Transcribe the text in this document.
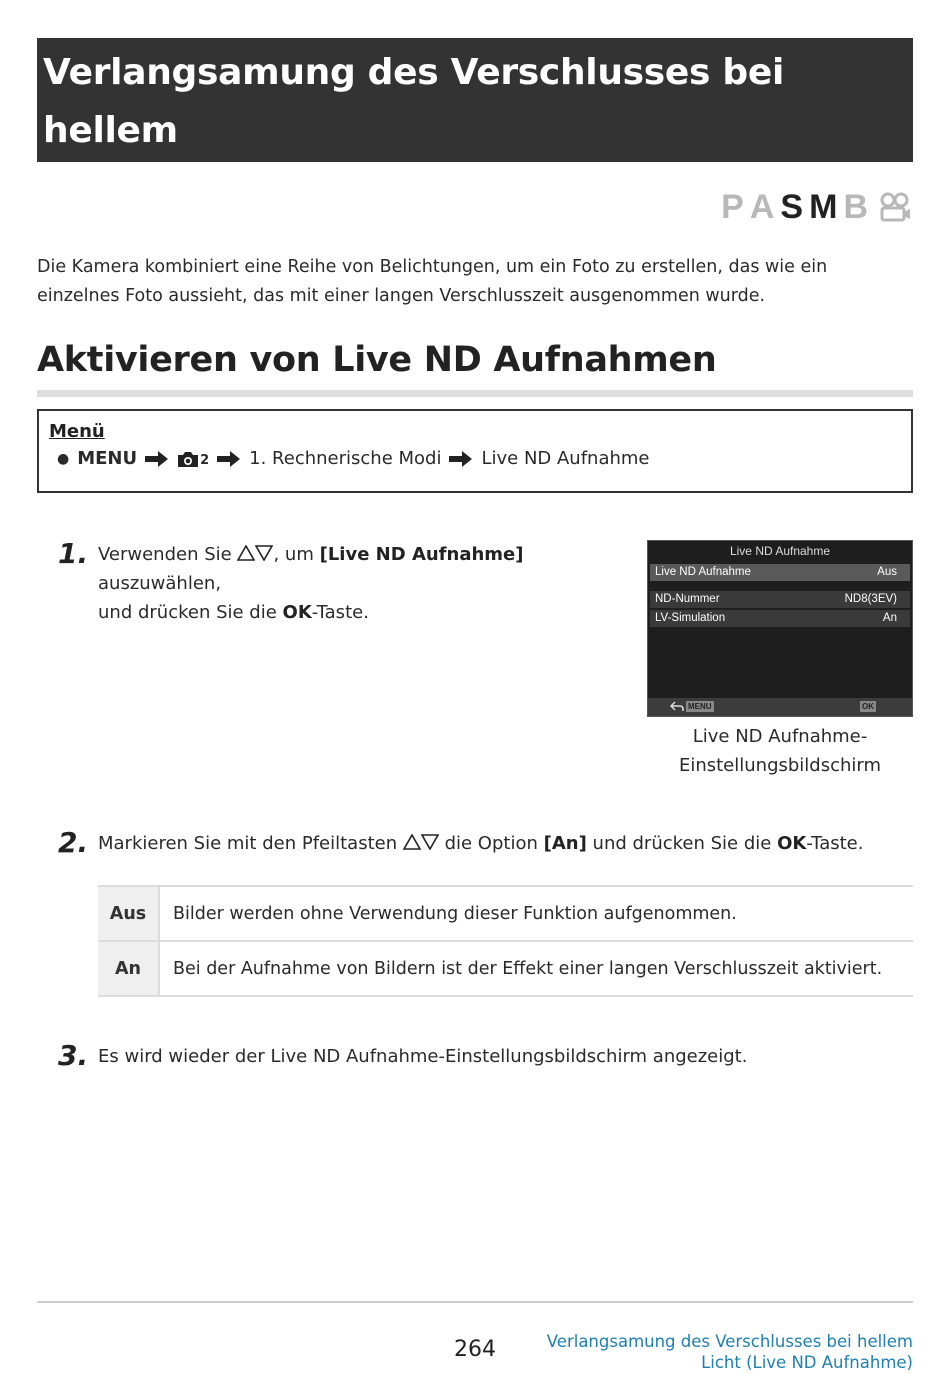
Verlangsamung des Verschlusses bei hellem
Licht (Live ND Aufnahme)	P A S M B

Die Kamera kombiniert eine Reihe von Belichtungen, um ein Foto zu erstellen, das wie ein einzelnes Foto aussieht, das mit einer langen Verschlusszeit ausgenommen wurde.

Aktivieren von Live ND Aufnahmen
Menü
● MENU	2 1. Rechnerische Modi Live ND Aufnahme
1. Verwenden Sie , um [Live ND Aufnahme] auszuwählen,
und drücken Sie die OK-Taste.
Live ND Aufnahme
Live ND Aufnahme	Aus
ND-Nummer	ND8(3EV)
LV-Simulation	An
MENU	OK
Live ND Aufnahme-
Einstellungsbildschirm
2. Markieren Sie mit den Pfeiltasten	die Option [An] und drücken Sie die OK-Taste.
Aus	Bilder werden ohne Verwendung dieser Funktion aufgenommen.
An	Bei der Aufnahme von Bildern ist der Effekt einer langen Verschlusszeit aktiviert.
3. Es wird wieder der Live ND Aufnahme-Einstellungsbildschirm angezeigt.
264	Verlangsamung des Verschlusses bei hellem
Licht (Live ND Aufnahme)
